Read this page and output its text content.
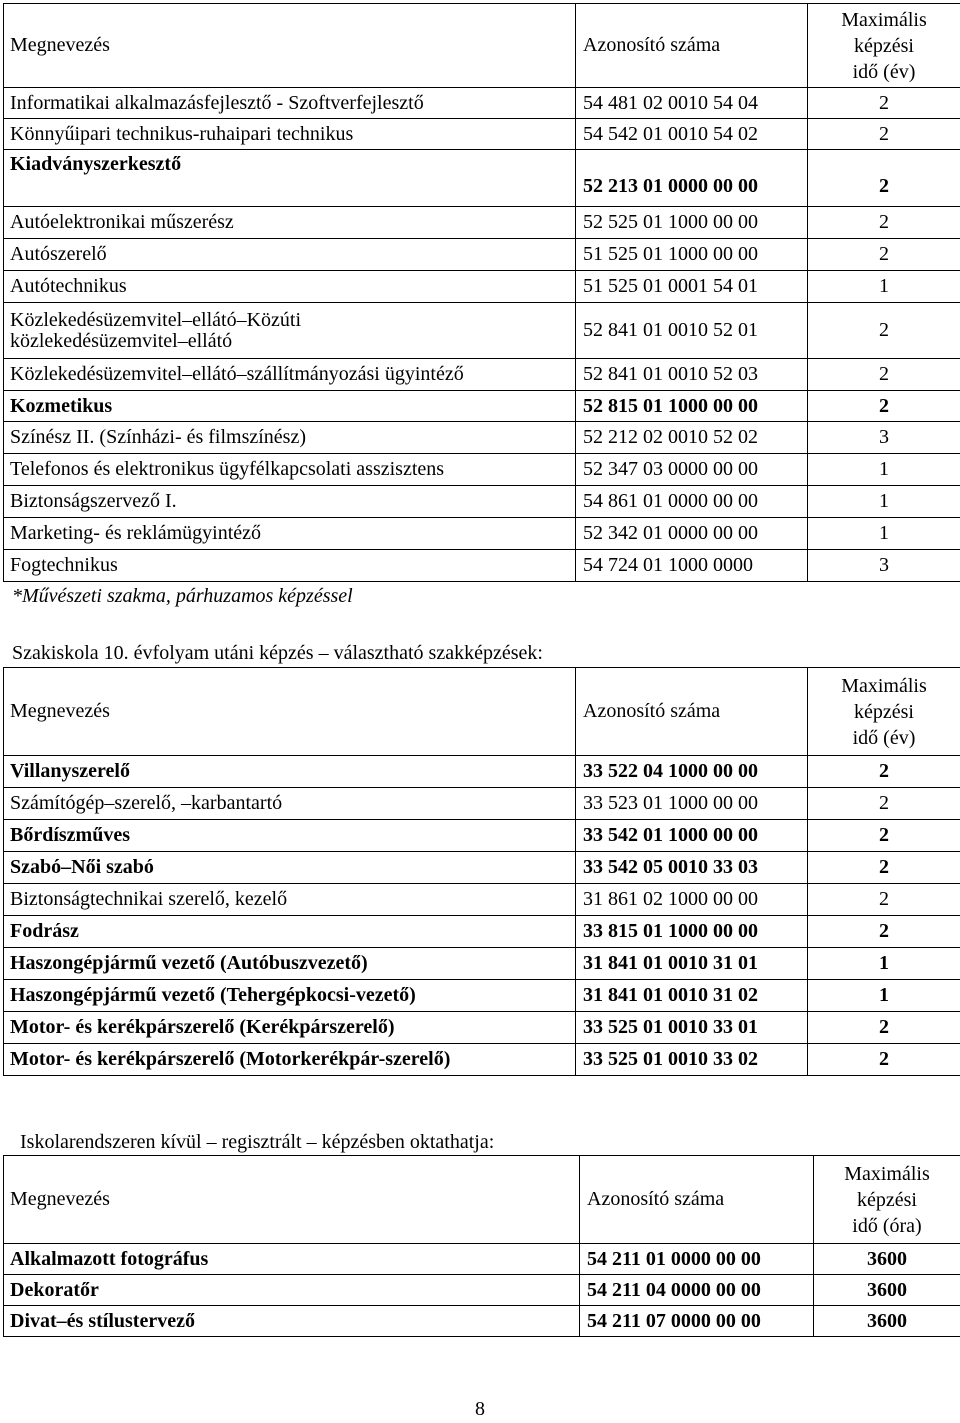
Megnevezés	Azonosító száma	Maximális
képzési
idő (év)

Informatikai alkalmazásfejlesztő - Szoftverfejlesztő	54 481 02 0010 54 04	2
Könnyűipari technikus-ruhaipari technikus	54 542 01 0010 54 02	2
Kiadványszerkesztő	52 213 01 0000 00 00	2
Autóelektronikai műszerész	52 525 01 1000 00 00	2
Autószerelő	51 525 01 1000 00 00	2
Autótechnikus	51 525 01 0001 54 01	1

Közlekedésüzemvitel–ellátó–Közúti
közlekedésüzemvitel–ellátó	52 841 01 0010 52 01	2
Közlekedésüzemvitel–ellátó–szállítmányozási ügyintéző	52 841 01 0010 52 03	2
Kozmetikus	52 815 01 1000 00 00	2
Színész II. (Színházi- és filmszínész)	52 212 02 0010 52 02	3
Telefonos és elektronikus ügyfélkapcsolati asszisztens	52 347 03 0000 00 00	1
Biztonságszervező I.	54 861 01 0000 00 00	1
Marketing- és reklámügyintéző	52 342 01 0000 00 00	1
Fogtechnikus	54 724 01 1000 0000	3
*Művészeti szakma, párhuzamos képzéssel
Szakiskola 10. évfolyam utáni képzés – választható szakképzések:
Megnevezés	Azonosító száma	Maximális
képzési
idő (év)

Villanyszerelő	33 522 04 1000 00 00	2
Számítógép–szerelő, –karbantartó	33 523 01 1000 00 00	2
Bőrdíszműves	33 542 01 1000 00 00	2
Szabó–Női szabó	33 542 05 0010 33 03	2
Biztonságtechnikai szerelő, kezelő	31 861 02 1000 00 00	2
Fodrász	33 815 01 1000 00 00	2
Haszongépjármű vezető (Autóbuszvezető)	31 841 01 0010 31 01	1
Haszongépjármű vezető (Tehergépkocsi-vezető)	31 841 01 0010 31 02	1
Motor- és kerékpárszerelő (Kerékpárszerelő)	33 525 01 0010 33 01	2
Motor- és kerékpárszerelő (Motorkerékpár-szerelő)	33 525 01 0010 33 02	2
Iskolarendszeren kívül – regisztrált – képzésben oktathatja:
Megnevezés	Azonosító száma	Maximális
képzési
idő (óra)

Alkalmazott fotográfus	54 211 01 0000 00 00	3600
Dekoratőr	54 211 04 0000 00 00	3600
Divat–és stílustervező	54 211 07 0000 00 00	3600
8
